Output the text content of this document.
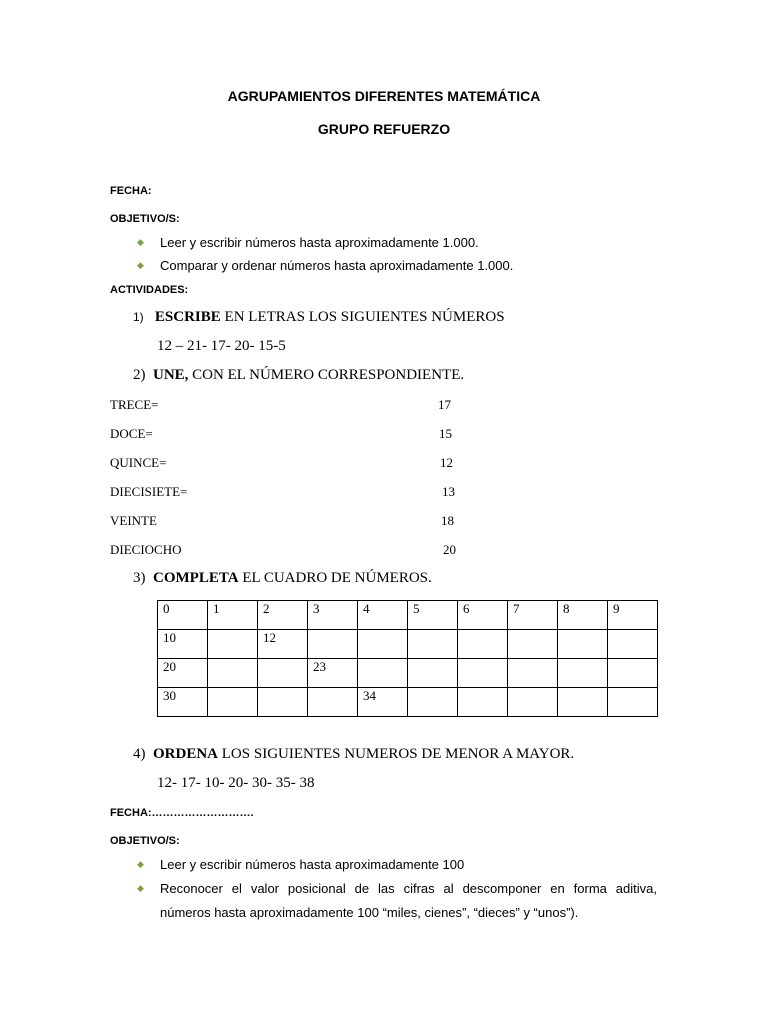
AGRUPAMIENTOS DIFERENTES MATEMÁTICA
GRUPO REFUERZO
FECHA:
OBJETIVO/S:
◆ Leer y escribir números hasta aproximadamente 1.000.
◆ Comparar y ordenar números hasta aproximadamente 1.000.
ACTIVIDADES:
1) ESCRIBE EN LETRAS LOS SIGUIENTES NÚMEROS
12 – 21- 17- 20- 15-5
2) UNE, CON EL NÚMERO CORRESPONDIENTE.
TRECE=	17
DOCE=	15
QUINCE=	12
DIECISIETE=	13
VEINTE	18
DIECIOCHO	20
3) COMPLETA EL CUADRO DE NÚMEROS.
0	1	2	3	4	5	6	7	8	9
10		12							
20			23						
30				34					
4) ORDENA LOS SIGUIENTES NUMEROS DE MENOR A MAYOR.
12- 17- 10- 20- 30- 35- 38
FECHA:……………………….
OBJETIVO/S:
◆ Leer y escribir números hasta aproximadamente 100
◆ Reconocer el valor posicional de las cifras al descomponer en forma aditiva,
números hasta aproximadamente 100 “miles, cienes”, “dieces” y “unos”).
